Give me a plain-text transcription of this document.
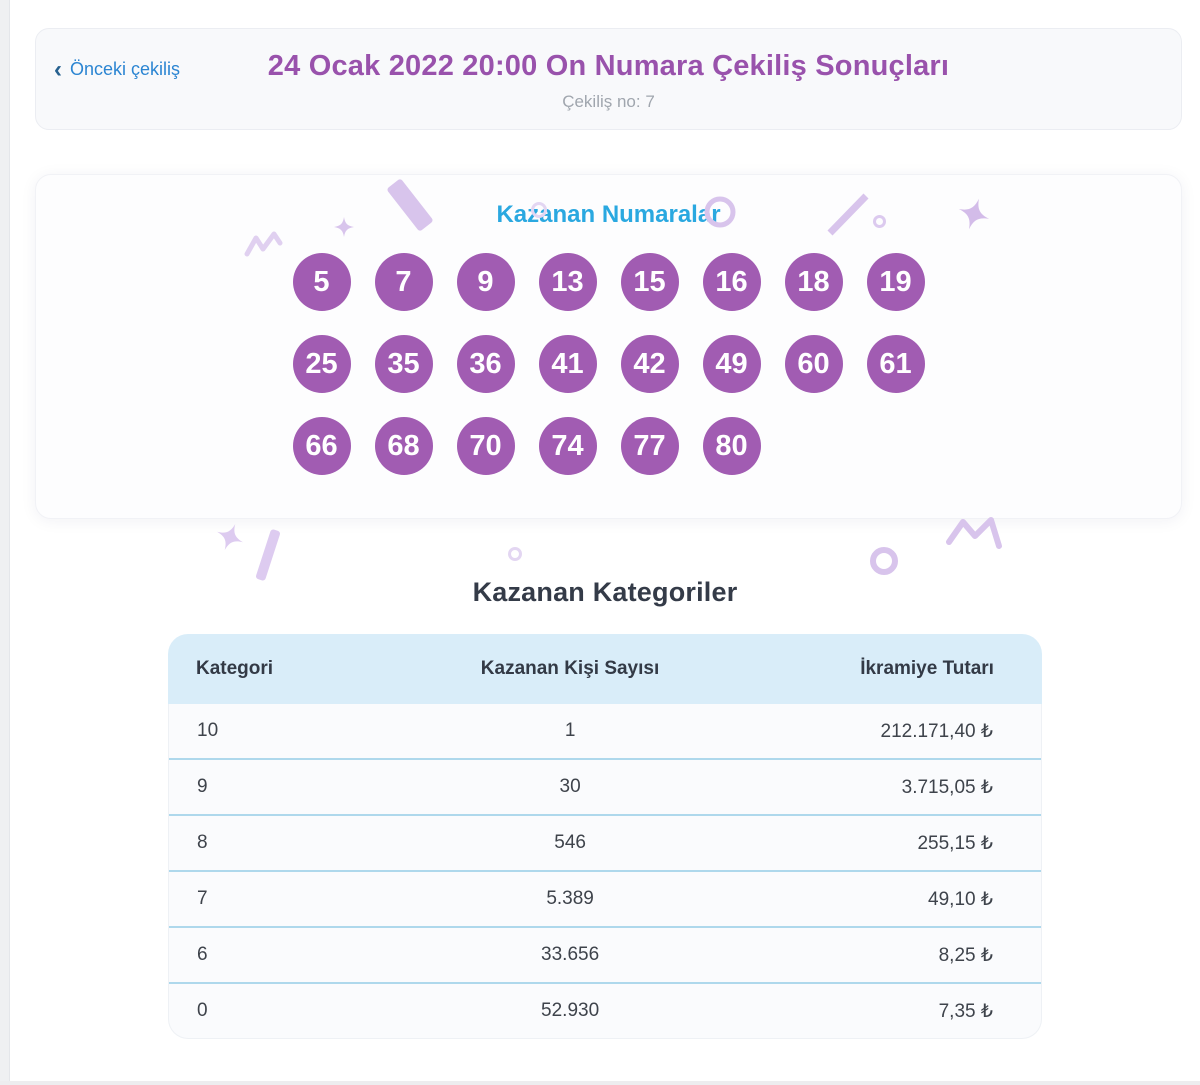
‹ Önceki çekiliş	24 Ocak 2022 20:00 On Numara Çekiliş Sonuçları
Çekiliş no: 7
Kazanan Numaralar
5	7	9	13	15	16	18	19
25	35	36	41	42	49	60	61
66	68	70	74	77	80
Kazanan Kategoriler
Kategori	Kazanan Kişi Sayısı	İkramiye Tutarı
10	1	212.171,40 ₺
9	30	3.715,05 ₺
8	546	255,15 ₺
7	5.389	49,10 ₺
6	33.656	8,25 ₺
0	52.930	7,35 ₺
